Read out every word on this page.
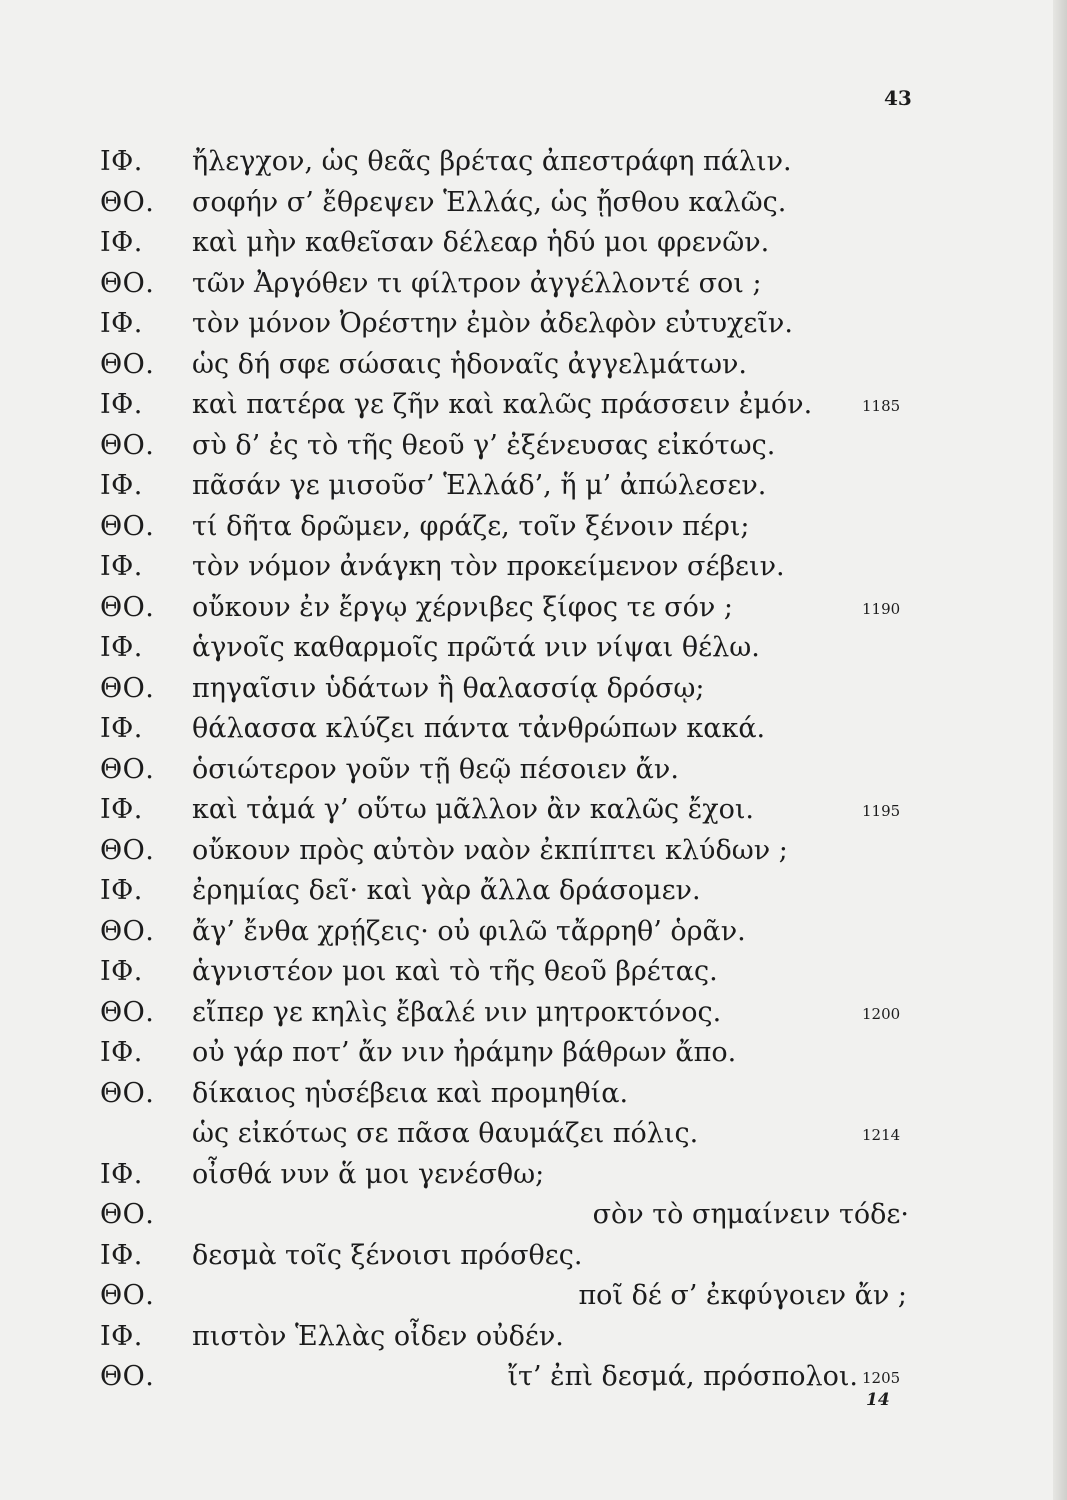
43
ΙΦ. ἤλεγχον, ὡς θεᾶς βρέτας ἀπεστράφη πάλιν.
ΘΟ. σοφήν σ’ ἔθρεψεν Ἑλλάς, ὡς ᾔσθου καλῶς.
ΙΦ. καὶ μὴν καθεῖσαν δέλεαρ ἡδύ μοι φρενῶν.
ΘΟ. τῶν Ἀργόθεν τι φίλτρον ἀγγέλλοντέ σοι ;
ΙΦ. τὸν μόνον Ὀρέστην ἐμὸν ἀδελφὸν εὐτυχεῖν.
ΘΟ. ὡς δή σφε σώσαις ἡδοναῖς ἀγγελμάτων.
ΙΦ. καὶ πατέρα γε ζῆν καὶ καλῶς πράσσειν ἐμόν.	1185
ΘΟ. σὺ δ’ ἐς τὸ τῆς θεοῦ γ’ ἐξένευσας εἰκότως.
ΙΦ. πᾶσάν γε μισοῦσ’ Ἑλλάδ’, ἥ μ’ ἀπώλεσεν.
ΘΟ. τί δῆτα δρῶμεν, φράζε, τοῖν ξένοιν πέρι;
ΙΦ. τὸν νόμον ἀνάγκη τὸν προκείμενον σέβειν.
ΘΟ. οὔκουν ἐν ἔργῳ χέρνιβες ξίφος τε σόν ;	1190
ΙΦ. ἁγνοῖς καθαρμοῖς πρῶτά νιν νίψαι θέλω.
ΘΟ. πηγαῖσιν ὑδάτων ἢ θαλασσίᾳ δρόσῳ;
ΙΦ. θάλασσα κλύζει πάντα τἀνθρώπων κακά.
ΘΟ. ὁσιώτερον γοῦν τῇ θεῷ πέσοιεν ἄν.
ΙΦ. καὶ τἀμά γ’ οὕτω μᾶλλον ἂν καλῶς ἔχοι.	1195
ΘΟ. οὔκουν πρὸς αὐτὸν ναὸν ἐκπίπτει κλύδων ;
ΙΦ. ἐρημίας δεῖ· καὶ γὰρ ἄλλα δράσομεν.
ΘΟ. ἄγ’ ἔνθα χρῄζεις· οὐ φιλῶ τἄρρηθ’ ὁρᾶν.
ΙΦ. ἁγνιστέον μοι καὶ τὸ τῆς θεοῦ βρέτας.
ΘΟ. εἴπερ γε κηλὶς ἔβαλέ νιν μητροκτόνος.	1200
ΙΦ. οὐ γάρ ποτ’ ἄν νιν ἠράμην βάθρων ἄπο.
ΘΟ. δίκαιος ηὑσέβεια καὶ προμηθία.
ὡς εἰκότως σε πᾶσα θαυμάζει πόλις.	1214
ΙΦ. οἶσθά νυν ἅ μοι γενέσθω;
ΘΟ.	σὸν τὸ σημαίνειν τόδε·
ΙΦ. δεσμὰ τοῖς ξένοισι πρόσθες.
ΘΟ.	ποῖ δέ σ’ ἐκφύγοιεν ἄν ;
ΙΦ. πιστὸν Ἑλλὰς οἶδεν οὐδέν.
ΘΟ.	ἴτ’ ἐπὶ δεσμά, πρόσπολοι. 1205
14
